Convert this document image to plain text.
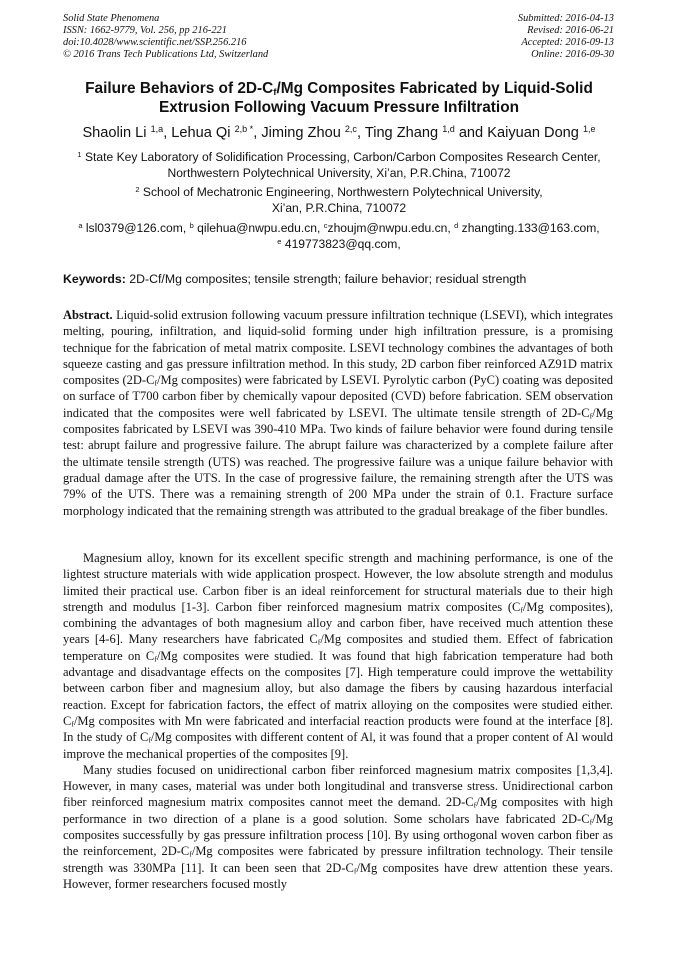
Solid State Phenomena
ISSN: 1662-9779, Vol. 256, pp 216-221
doi:10.4028/www.scientific.net/SSP.256.216
© 2016 Trans Tech Publications Ltd, Switzerland
Submitted: 2016-04-13
Revised: 2016-06-21
Accepted: 2016-09-13
Online: 2016-09-30
Failure Behaviors of $2D-C_f/Mg$ Composites Fabricated by Liquid-Solid
Extrusion Following Vacuum Pressure Infiltration
Shaolin Li $^{1,a}$, Lehua Qi $^{2,b *}$, Jiming Zhou $^{2,c}$, Ting Zhang $^{1,d}$ and Kaiyuan Dong $^{1,e}$
$^1$ State Key Laboratory of Solidification Processing, Carbon/Carbon Composites Research Center,
Northwestern Polytechnical University, Xi’an, P.R.China, 710072
$^2$ School of Mechatronic Engineering, Northwestern Polytechnical University,
Xi’an, P.R.China, 710072
$^a$ lsl0379@126.com, $^b$ qilehua@nwpu.edu.cn, $^c$zhoujm@nwpu.edu.cn, $^d$ zhangting.133@163.com,
$^e$ 419773823@qq.com,
Keywords: 2D-Cf/Mg composites; tensile strength; failure behavior; residual strength

Abstract. Liquid-solid extrusion following vacuum pressure infiltration technique (LSEVI), which integrates melting, pouring, infiltration, and liquid-solid forming under high infiltration pressure, is a promising technique for the fabrication of metal matrix composite. LSEVI technology combines the advantages of both squeeze casting and gas pressure infiltration method. In this study, 2D carbon fiber reinforced AZ91D matrix composites ($2D-C_f/Mg$ composites) were fabricated by LSEVI. Pyrolytic carbon (PyC) coating was deposited on surface of T700 carbon fiber by chemically vapour deposited (CVD) before fabrication. SEM observation indicated that the composites were well fabricated by LSEVI. The ultimate tensile strength of $2D-C_f/Mg$ composites fabricated by LSEVI was 390-410 MPa. Two kinds of failure behavior were found during tensile test: abrupt failure and progressive failure. The abrupt failure was characterized by a complete failure after the ultimate tensile strength (UTS) was reached. The progressive failure was a unique failure behavior with gradual damage after the UTS. In the case of progressive failure, the remaining strength after the UTS was 79% of the UTS. There was a remaining strength of 200 MPa under the strain of 0.1. Fracture surface morphology indicated that the remaining strength was attributed to the gradual breakage of the fiber bundles.

Magnesium alloy, known for its excellent specific strength and machining performance, is one of the lightest structure materials with wide application prospect. However, the low absolute strength and modulus limited their practical use. Carbon fiber is an ideal reinforcement for structural materials due to their high strength and modulus [1-3]. Carbon fiber reinforced magnesium matrix composites ($C_f/Mg$ composites), combining the advantages of both magnesium alloy and carbon fiber, have received much attention these years [4-6]. Many researchers have fabricated $C_f/Mg$ composites and studied them. Effect of fabrication temperature on $C_f/Mg$ composites were studied. It was found that high fabrication temperature had both advantage and disadvantage effects on the composites [7]. High temperature could improve the wettability between carbon fiber and magnesium alloy, but also damage the fibers by causing hazardous interfacial reaction. Except for fabrication factors, the effect of matrix alloying on the composites were studied either. $C_f/Mg$ composites with Mn were fabricated and interfacial reaction products were found at the interface [8]. In the study of $C_f/Mg$ composites with different content of Al, it was found that a proper content of Al would improve the mechanical properties of the composites [9].

Many studies focused on unidirectional carbon fiber reinforced magnesium matrix composites [1,3,4]. However, in many cases, material was under both longitudinal and transverse stress. Unidirectional carbon fiber reinforced magnesium matrix composites cannot meet the demand. $2D-C_f/Mg$ composites with high performance in two direction of a plane is a good solution. Some scholars have fabricated $2D-C_f/Mg$ composites successfully by gas pressure infiltration process [10]. By using orthogonal woven carbon fiber as the reinforcement, $2D-C_f/Mg$ composites were fabricated by pressure infiltration technology. Their tensile strength was 330MPa [11]. It can been seen that $2D-C_f/Mg$ composites have drew attention these years. However, former researchers focused mostly
